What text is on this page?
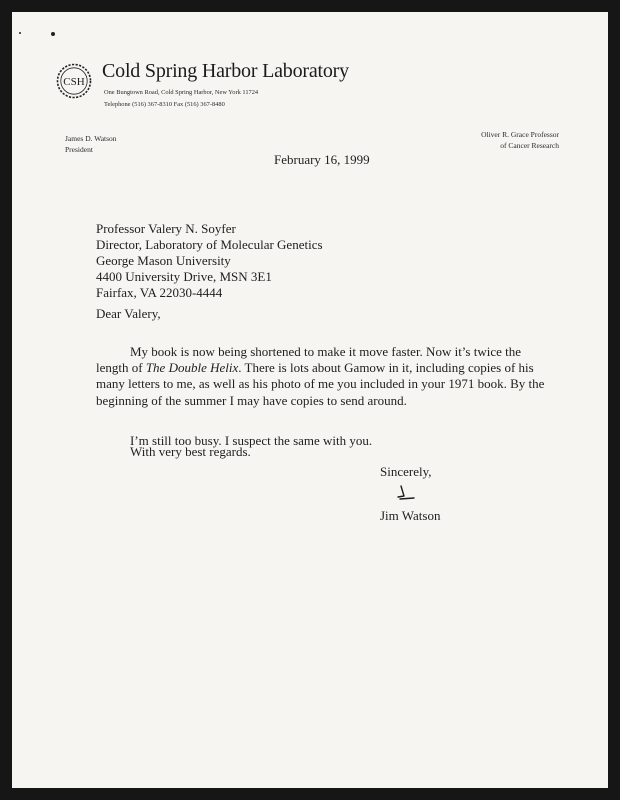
CSH Cold Spring Harbor Laboratory
One Bungtown Road, Cold Spring Harbor, New York 11724
Telephone (516) 367-8310 Fax (516) 367-8480
James D. Watson
President
Oliver R. Grace Professor
of Cancer Research
February 16, 1999
Professor Valery N. Soyfer
Director, Laboratory of Molecular Genetics
George Mason University
4400 University Drive, MSN 3E1
Fairfax, VA 22030-4444
Dear Valery,
My book is now being shortened to make it move faster. Now it’s twice the
length of The Double Helix. There is lots about Gamow in it, including copies of his
many letters to me, as well as his photo of me you included in your 1971 book. By the
beginning of the summer I may have copies to send around.
I’m still too busy. I suspect the same with you.
With very best regards.
Sincerely,
Jim Watson
